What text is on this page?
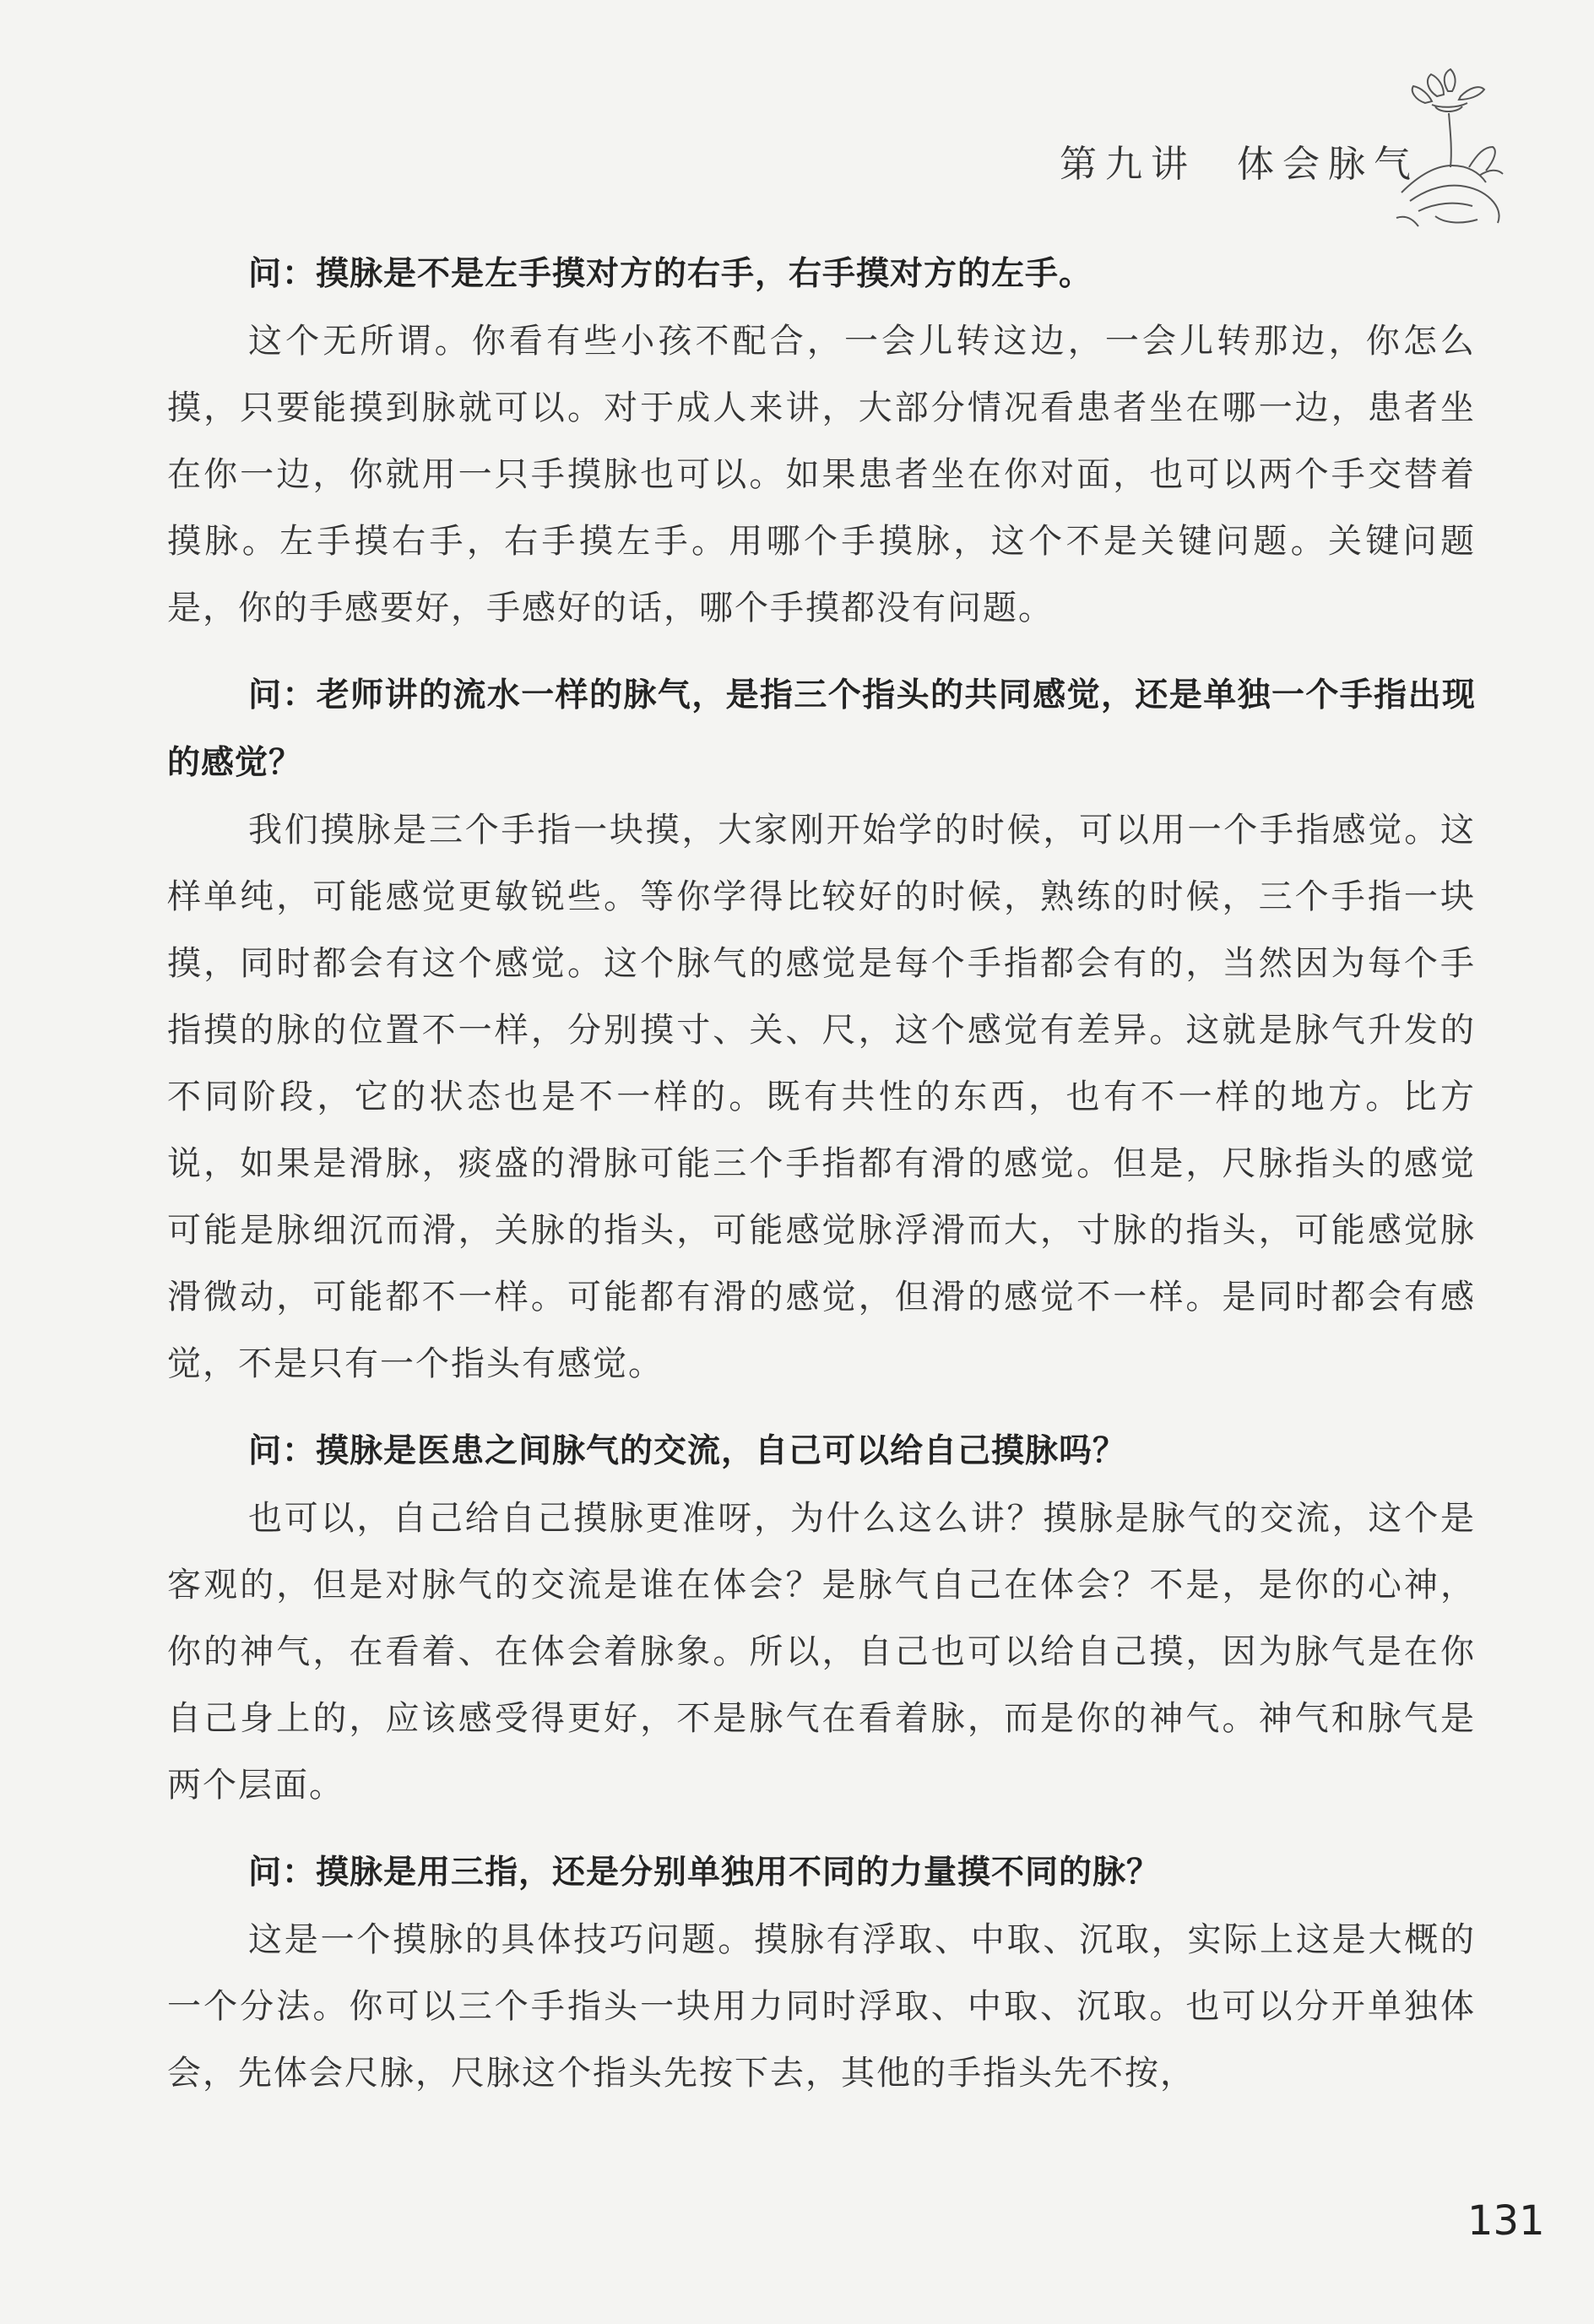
第九讲 体会脉气

问：摸脉是不是左手摸对方的右手，右手摸对方的左手。

这个无所谓。你看有些小孩不配合，一会儿转这边，一会儿转那边，你怎么摸，只要能摸到脉就可以。对于成人来讲，大部分情况看患者坐在哪一边，患者坐在你一边，你就用一只手摸脉也可以。如果患者坐在你对面，也可以两个手交替着摸脉。左手摸右手，右手摸左手。用哪个手摸脉，这个不是关键问题。关键问题是，你的手感要好，手感好的话，哪个手摸都没有问题。

问：老师讲的流水一样的脉气，是指三个指头的共同感觉，还是单独一个手指出现的感觉？

我们摸脉是三个手指一块摸，大家刚开始学的时候，可以用一个手指感觉。这样单纯，可能感觉更敏锐些。等你学得比较好的时候，熟练的时候，三个手指一块摸，同时都会有这个感觉。这个脉气的感觉是每个手指都会有的，当然因为每个手指摸的脉的位置不一样，分别摸寸、关、尺，这个感觉有差异。这就是脉气升发的不同阶段，它的状态也是不一样的。既有共性的东西，也有不一样的地方。比方说，如果是滑脉，痰盛的滑脉可能三个手指都有滑的感觉。但是，尺脉指头的感觉可能是脉细沉而滑，关脉的指头，可能感觉脉浮滑而大，寸脉的指头，可能感觉脉滑微动，可能都不一样。可能都有滑的感觉，但滑的感觉不一样。是同时都会有感觉，不是只有一个指头有感觉。

问：摸脉是医患之间脉气的交流，自己可以给自己摸脉吗？

也可以，自己给自己摸脉更准呀，为什么这么讲？摸脉是脉气的交流，这个是客观的，但是对脉气的交流是谁在体会？是脉气自己在体会？不是，是你的心神，你的神气，在看着、在体会着脉象。所以，自己也可以给自己摸，因为脉气是在你自己身上的，应该感受得更好，不是脉气在看着脉，而是你的神气。神气和脉气是两个层面。

问：摸脉是用三指，还是分别单独用不同的力量摸不同的脉？

这是一个摸脉的具体技巧问题。摸脉有浮取、中取、沉取，实际上这是大概的一个分法。你可以三个手指头一块用力同时浮取、中取、沉取。也可以分开单独体会，先体会尺脉，尺脉这个指头先按下去，其他的手指头先不按，

131
